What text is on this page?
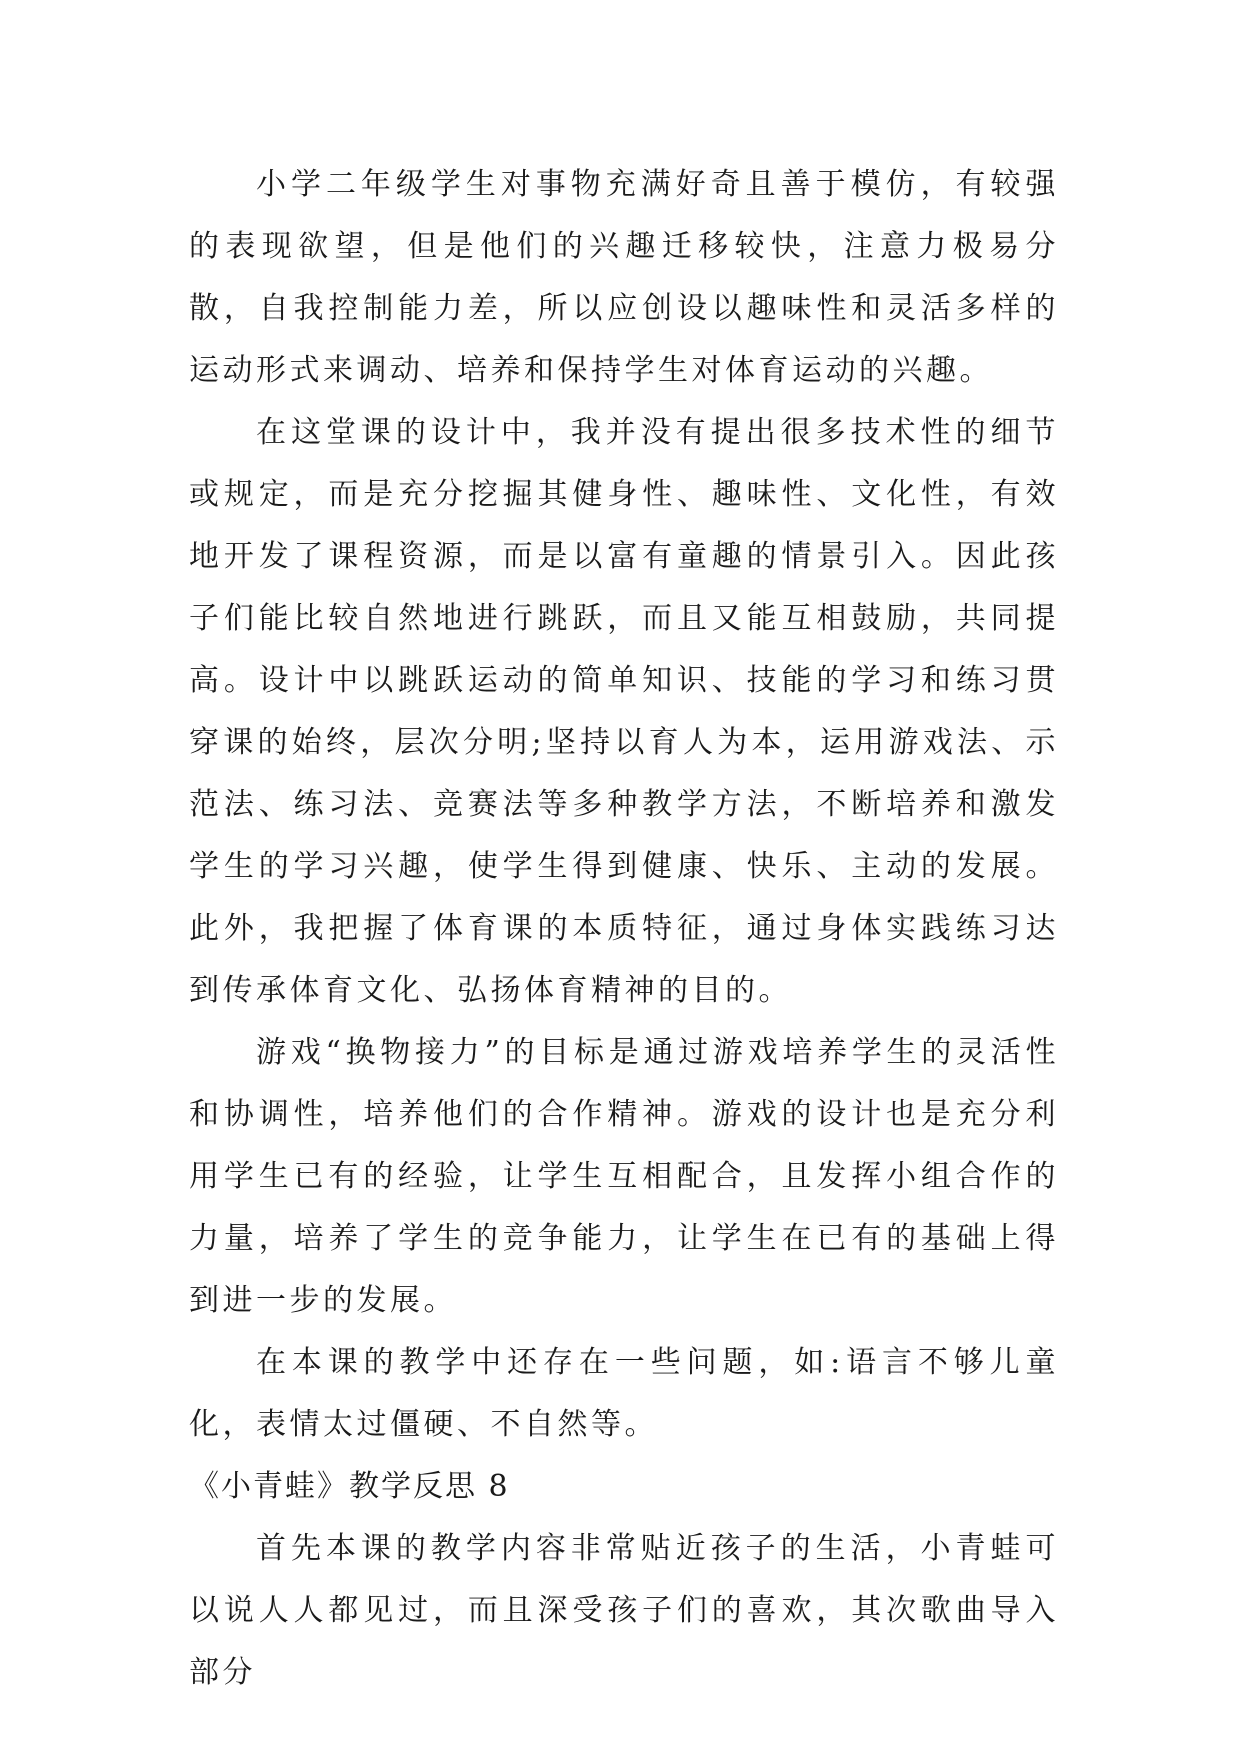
小学二年级学生对事物充满好奇且善于模仿，有较强的表现欲望，但是他们的兴趣迁移较快，注意力极易分散，自我控制能力差，所以应创设以趣味性和灵活多样的运动形式来调动、培养和保持学生对体育运动的兴趣。

在这堂课的设计中，我并没有提出很多技术性的细节或规定，而是充分挖掘其健身性、趣味性、文化性，有效地开发了课程资源，而是以富有童趣的情景引入。因此孩子们能比较自然地进行跳跃，而且又能互相鼓励，共同提高。设计中以跳跃运动的简单知识、技能的学习和练习贯穿课的始终，层次分明;坚持以育人为本，运用游戏法、示范法、练习法、竞赛法等多种教学方法，不断培养和激发学生的学习兴趣，使学生得到健康、快乐、主动的发展。此外，我把握了体育课的本质特征，通过身体实践练习达到传承体育文化、弘扬体育精神的目的。

游戏“换物接力”的目标是通过游戏培养学生的灵活性和协调性，培养他们的合作精神。游戏的设计也是充分利用学生已有的经验，让学生互相配合，且发挥小组合作的力量，培养了学生的竞争能力，让学生在已有的基础上得到进一步的发展。

在本课的教学中还存在一些问题，如:语言不够儿童化，表情太过僵硬、不自然等。

《小青蛙》教学反思 8

首先本课的教学内容非常贴近孩子的生活，小青蛙可以说人人都见过，而且深受孩子们的喜欢，其次歌曲导入部分
